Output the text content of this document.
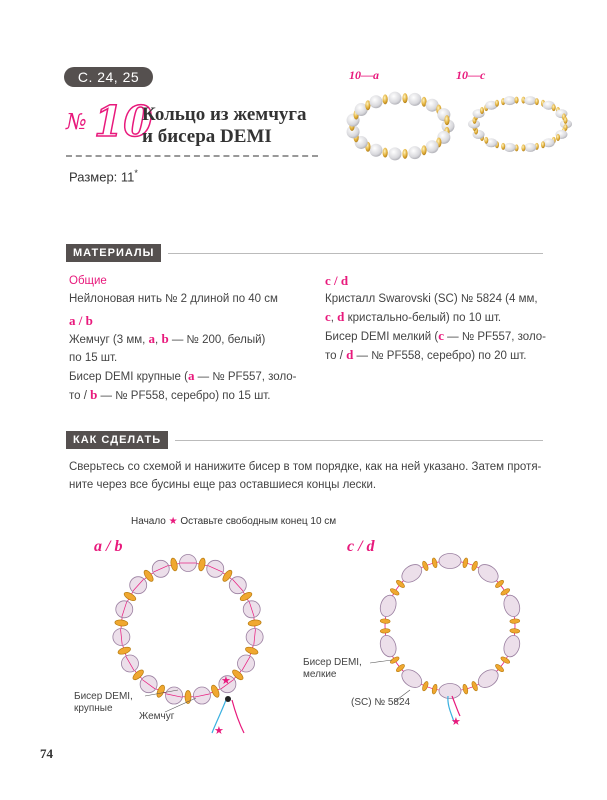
С. 24, 25
№ 10
Кольцо из жемчуга
и бисера DEMI
Размер: 11*
10—a	10—c
МАТЕРИАЛЫ
Общие
Нейлоновая нить № 2 длиной по 40 см
a / b
Жемчуг (3 мм, a, b — № 200, белый)
по 15 шт.
Бисер DEMI крупные (a — № PF557, золо-
то / b — № PF558, серебро) по 15 шт.
c / d
Кристалл Swarovski (SC) № 5824 (4 мм,
c, d кристально-белый) по 10 шт.
Бисер DEMI мелкий (c — № PF557, золо-
то / d — № PF558, серебро) по 20 шт.
КАК СДЕЛАТЬ
Сверьтесь со схемой и нанижите бисер в том порядке, как на ней указано. Затем протя-
ните через все бусины еще раз оставшиеся концы лески.
Начало ★ Оставьте свободным конец 10 см
a / b	c / d
★
★
★
Бисер DEMI,
крупные
Жемчуг
Бисер DEMI,
мелкие
(SC) № 5824
74
